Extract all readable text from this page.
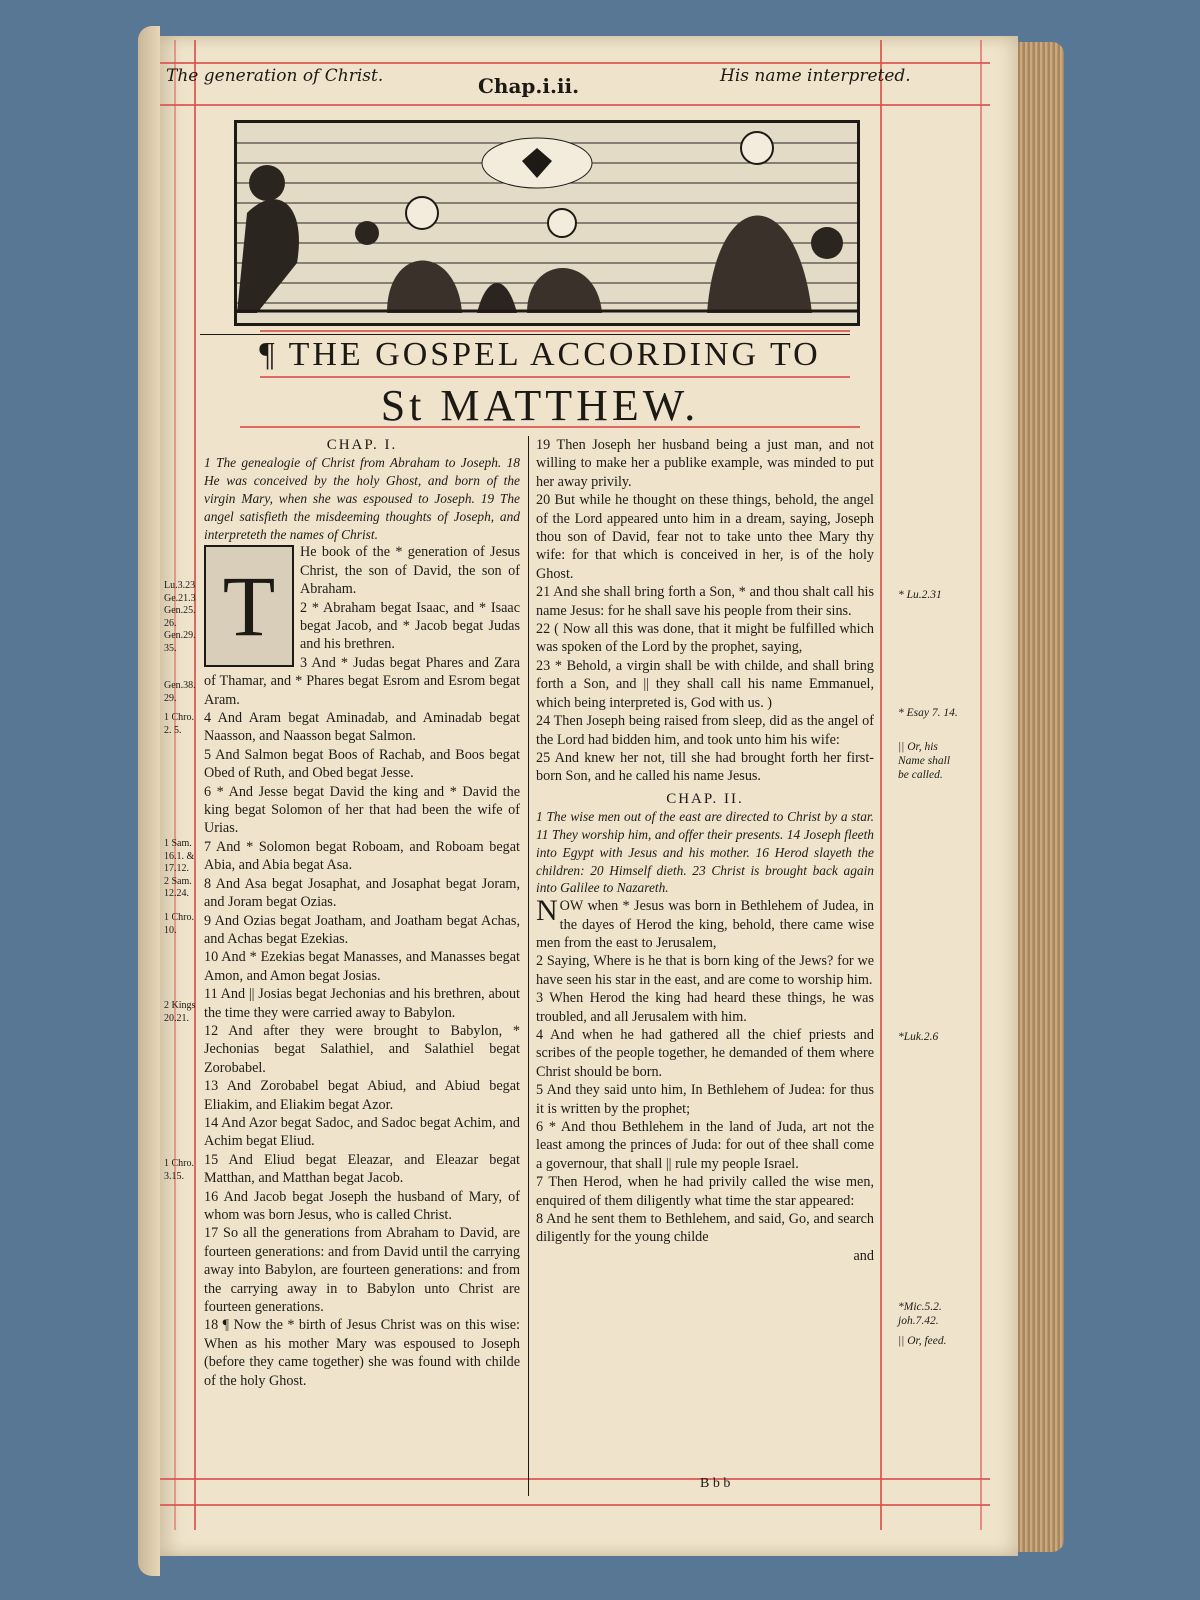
The generation of Christ.	Chap.i.ii.	His name interpreted.
¶ THE GOSPEL ACCORDING TO
St MATTHEW.
Lu.3.23 Ge.21.3 Gen.25. 26. Gen.29. 35.
Gen.38. 29.
1 Chro. 2. 5.
1 Sam. 16.1. & 17.12. 2 Sam. 12.24.
1 Chro. 10.
2 Kings 20.21.
1 Chro. 3.15.

CHAP. I.

1 The genealogie of Christ from Abraham to Joseph. 18 He was conceived by the holy Ghost, and born of the virgin Mary, when she was espoused to Joseph. 19 The angel satisfieth the misdeeming thoughts of Joseph, and interpreteth the names of Christ.

T

He book of the * generation of Jesus Christ, the son of David, the son of Abraham.

2 * Abraham begat Isaac, and * Isaac begat Jacob, and * Jacob begat Judas and his brethren.

3 And * Judas begat Phares and Zara of Thamar, and * Phares begat Esrom and Esrom begat Aram.

4 And Aram begat Aminadab, and Aminadab begat Naasson, and Naasson begat Salmon.

5 And Salmon begat Boos of Rachab, and Boos begat Obed of Ruth, and Obed begat Jesse.

6 * And Jesse begat David the king and * David the king begat Solomon of her that had been the wife of Urias.

7 And * Solomon begat Roboam, and Roboam begat Abia, and Abia begat Asa.

8 And Asa begat Josaphat, and Josaphat begat Joram, and Joram begat Ozias.

9 And Ozias begat Joatham, and Joatham begat Achas, and Achas begat Ezekias.

10 And * Ezekias begat Manasses, and Manasses begat Amon, and Amon begat Josias.

11 And || Josias begat Jechonias and his brethren, about the time they were carried away to Babylon.

12 And after they were brought to Babylon, * Jechonias begat Salathiel, and Salathiel begat Zorobabel.

13 And Zorobabel begat Abiud, and Abiud begat Eliakim, and Eliakim begat Azor.

14 And Azor begat Sadoc, and Sadoc begat Achim, and Achim begat Eliud.

15 And Eliud begat Eleazar, and Eleazar begat Matthan, and Matthan begat Jacob.

16 And Jacob begat Joseph the husband of Mary, of whom was born Jesus, who is called Christ.

17 So all the generations from Abraham to David, are fourteen generations: and from David until the carrying away into Babylon, are fourteen generations: and from the carrying away in to Babylon unto Christ are fourteen generations.

18 ¶ Now the * birth of Jesus Christ was on this wise: When as his mother Mary was espoused to Joseph (before they came together) she was found with childe of the holy Ghost.

19 Then Joseph her husband being a just man, and not willing to make her a publike example, was minded to put her away privily.

20 But while he thought on these things, behold, the angel of the Lord appeared unto him in a dream, saying, Joseph thou son of David, fear not to take unto thee Mary thy wife: for that which is conceived in her, is of the holy Ghost.

21 And she shall bring forth a Son, * and thou shalt call his name Jesus: for he shall save his people from their sins.

22 ( Now all this was done, that it might be fulfilled which was spoken of the Lord by the prophet, saying,

23 * Behold, a virgin shall be with childe, and shall bring forth a Son, and || they shall call his name Emmanuel, which being interpreted is, God with us. )

24 Then Joseph being raised from sleep, did as the angel of the Lord had bidden him, and took unto him his wife:

25 And knew her not, till she had brought forth her first-born Son, and he called his name Jesus.

CHAP. II.

1 The wise men out of the east are directed to Christ by a star. 11 They worship him, and offer their presents. 14 Joseph fleeth into Egypt with Jesus and his mother. 16 Herod slayeth the children: 20 Himself dieth. 23 Christ is brought back again into Galilee to Nazareth.

NOW when * Jesus was born in Bethlehem of Judea, in the dayes of Herod the king, behold, there came wise men from the east to Jerusalem,

2 Saying, Where is he that is born king of the Jews? for we have seen his star in the east, and are come to worship him.

3 When Herod the king had heard these things, he was troubled, and all Jerusalem with him.

4 And when he had gathered all the chief priests and scribes of the people together, he demanded of them where Christ should be born.

5 And they said unto him, In Bethlehem of Judea: for thus it is written by the prophet;

6 * And thou Bethlehem in the land of Juda, art not the least among the princes of Juda: for out of thee shall come a governour, that shall || rule my people Israel.

7 Then Herod, when he had privily called the wise men, enquired of them diligently what time the star appeared:

8 And he sent them to Bethlehem, and said, Go, and search diligently for the young childe

and

* Lu.2.31
* Esay 7. 14.
|| Or, his Name shall be called.
*Luk.2.6
*Mic.5.2. joh.7.42.
|| Or, feed.
B b b
